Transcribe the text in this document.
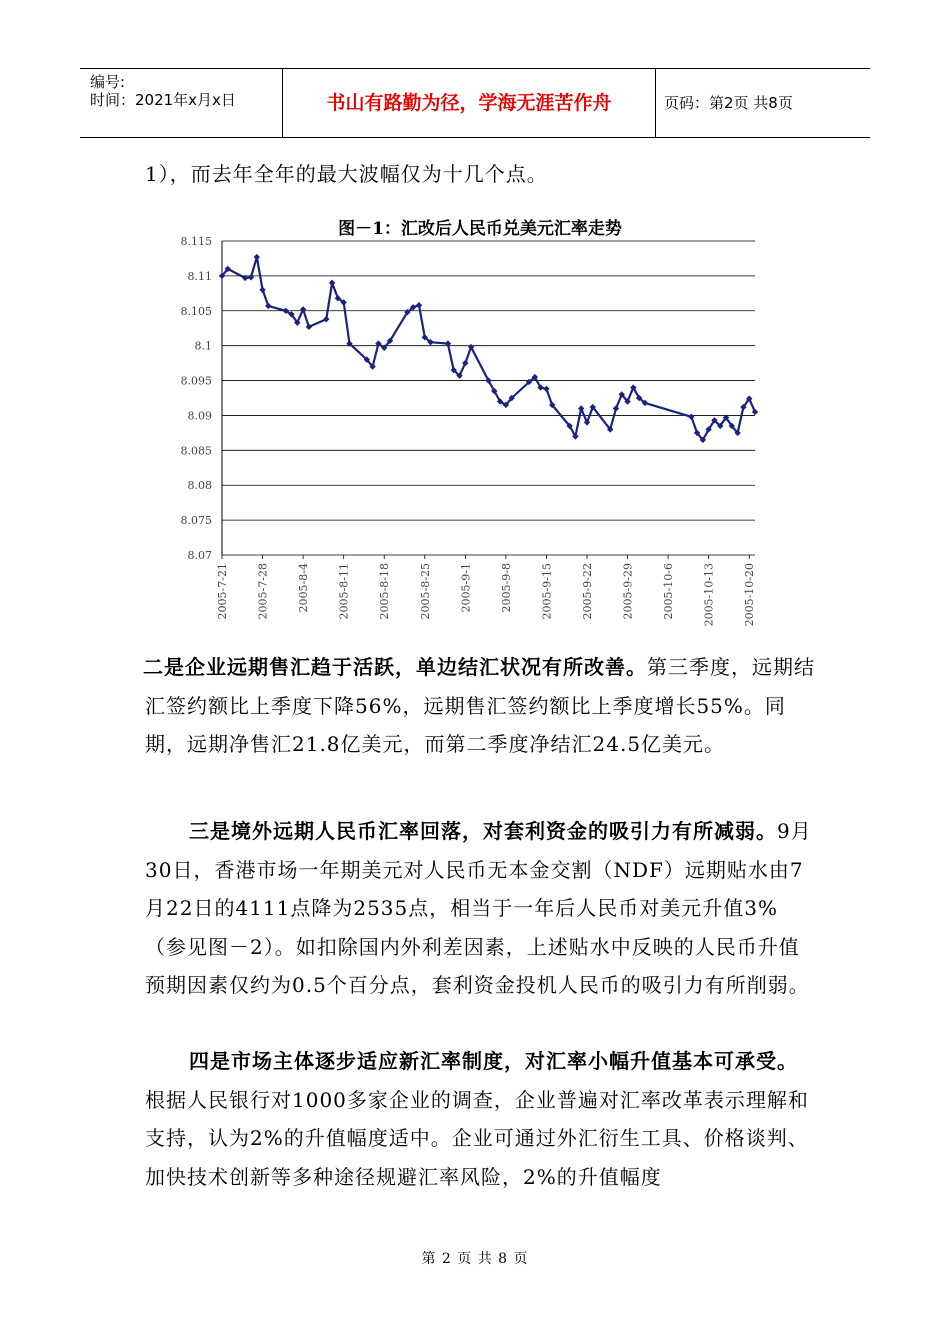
编号:
时间：2021年x月x日	书山有路勤为径，学海无涯苦作舟	页码：第2页 共8页
1），而去年全年的最大波幅仅为十几个点。
图－1：汇改后人民币兑美元汇率走势
8.115
8.11
8.105
8.1
8.095
8.09
8.085
8.08
8.075
8.07
2005-7-21	2005-7-28	2005-8-4	2005-8-11	2005-8-18	2005-8-25	2005-9-1	2005-9-8	2005-9-15	2005-9-22	2005-9-29	2005-10-6	2005-10-13	2005-10-20
二是企业远期售汇趋于活跃，单边结汇状况有所改善。第三季度，远期结汇签约额比上季度下降56%，远期售汇签约额比上季度增长55%。同期，远期净售汇21.8亿美元，而第二季度净结汇24.5亿美元。
三是境外远期人民币汇率回落，对套利资金的吸引力有所减弱。9月30日，香港市场一年期美元对人民币无本金交割（NDF）远期贴水由7月22日的4111点降为2535点，相当于一年后人民币对美元升值3%（参见图－2）。如扣除国内外利差因素，上述贴水中反映的人民币升值预期因素仅约为0.5个百分点，套利资金投机人民币的吸引力有所削弱。
四是市场主体逐步适应新汇率制度，对汇率小幅升值基本可承受。根据人民银行对1000多家企业的调查，企业普遍对汇率改革表示理解和支持，认为2%的升值幅度适中。企业可通过外汇衍生工具、价格谈判、加快技术创新等多种途径规避汇率风险，2%的升值幅度
第 2 页 共 8 页
